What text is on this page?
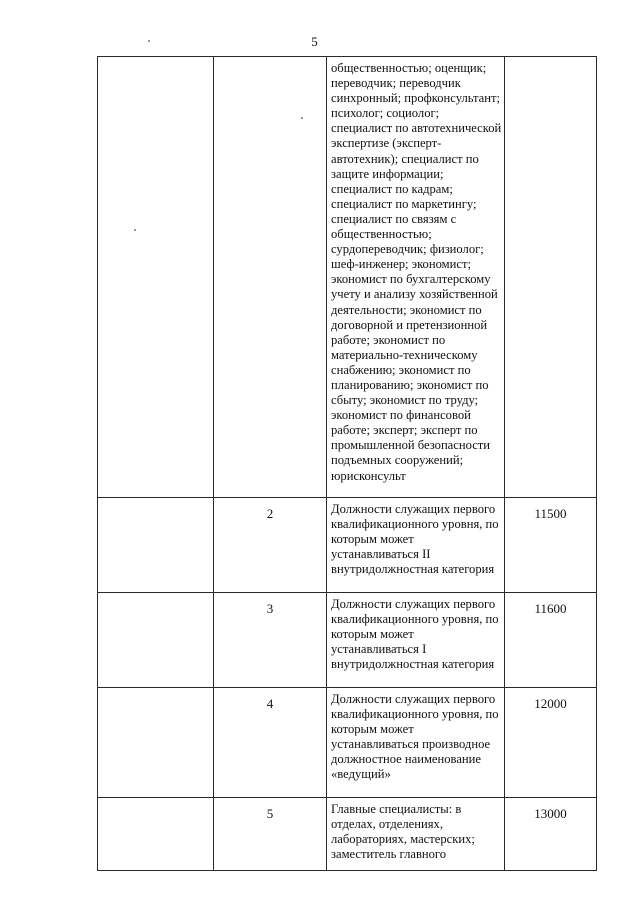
5
		общественностью; оценщик; переводчик; переводчик синхронный; профконсультант; психолог; социолог; специалист по автотехнической экспертизе (эксперт-автотехник); специалист по защите информации; специалист по кадрам; специалист по маркетингу; специалист по связям с общественностью; сурдопереводчик; физиолог; шеф-инженер; экономист; экономист по бухгалтерскому учету и анализу хозяйственной деятельности; экономист по договорной и претензионной работе; экономист по материально-техническому снабжению; экономист по планированию; экономист по сбыту; экономист по труду; экономист по финансовой работе; эксперт; эксперт по промышленной безопасности подъемных сооружений; юрисконсульт	
	2	Должности служащих первого квалификационного уровня, по которым может устанавливаться II внутридолжностная категория	11500
	3	Должности служащих первого квалификационного уровня, по которым может устанавливаться I внутридолжностная категория	11600
	4	Должности служащих первого квалификационного уровня, по которым может устанавливаться производное должностное наименование «ведущий»	12000
	5	Главные специалисты: в отделах, отделениях, лабораториях, мастерских; заместитель главного	13000
